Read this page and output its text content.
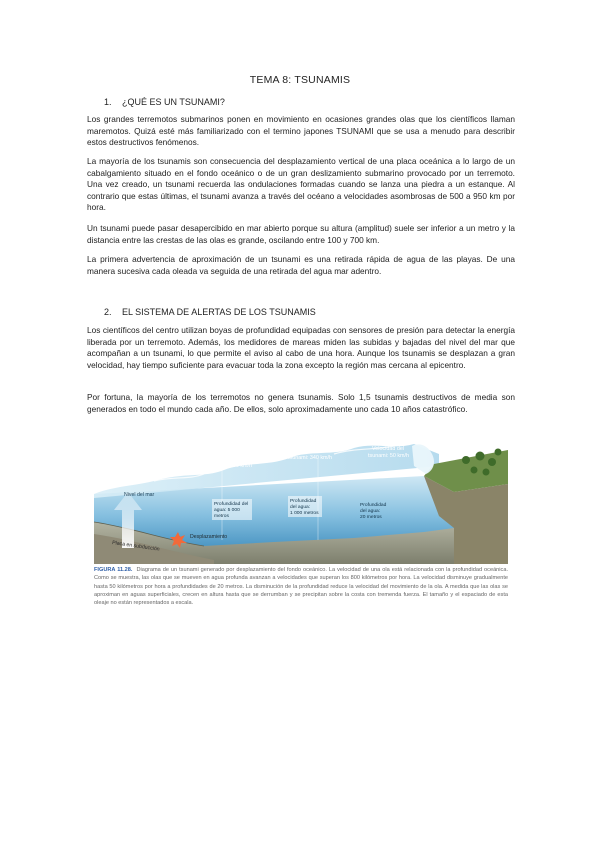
TEMA 8: TSUNAMIS
1. ¿QUÉ ES UN TSUNAMI?

Los grandes terremotos submarinos ponen en movimiento en ocasiones grandes olas que los científicos llaman maremotos. Quizá esté más familiarizado con el termino japones TSUNAMI que se usa a menudo para describir estos destructivos fenómenos.

La mayoría de los tsunamis son consecuencia del desplazamiento vertical de una placa oceánica a lo largo de un cabalgamiento situado en el fondo oceánico o de un gran deslizamiento submarino provocado por un terremoto. Una vez creado, un tsunami recuerda las ondulaciones formadas cuando se lanza una piedra a un estanque. Al contrario que estas últimas, el tsunami avanza a través del océano a velocidades asombrosas de 500 a 950 km por hora.

Un tsunami puede pasar desapercibido en mar abierto porque su altura (amplitud) suele ser inferior a un metro y la distancia entre las crestas de las olas es grande, oscilando entre 100 y 700 km.

La primera advertencia de aproximación de un tsunami es una retirada rápida de agua de las playas. De una manera sucesiva cada oleada va seguida de una retirada del agua mar adentro.

2. EL SISTEMA DE ALERTAS DE LOS TSUNAMIS

Los científicos del centro utilizan boyas de profundidad equipadas con sensores de presión para detectar la energía liberada por un terremoto. Además, los medidores de mareas miden las subidas y bajadas del nivel del mar que acompañan a un tsunami, lo que permite el aviso al cabo de una hora. Aunque los tsunamis se desplazan a gran velocidad, hay tiempo suficiente para evacuar toda la zona excepto la región mas cercana al epicentro.

Por fortuna, la mayoría de los terremotos no genera tsunamis. Solo 1,5 tsunamis destructivos de media son generados en todo el mundo cada año. De ellos, solo aproximadamente uno cada 10 años catastrófico.

Velocidad del
tsunami: 800 km/h
Velocidad del
tsunami: 340 km/h
Velocidad del
tsunami: 50 km/h
Nivel del mar
Profundidad del
agua: 5 000
metros
Profundidad
del agua:
1 000 metros
Profundidad
del agua:
20 metros
Desplazamiento
Placa en subducción
FIGURA 11.28. Diagrama de un tsunami generado por desplazamiento del fondo oceánico. La velocidad de una ola está relacionada con la profundidad oceánica. Como se muestra, las olas que se mueven en agua profunda avanzan a velocidades que superan los 800 kilómetros por hora. La velocidad disminuye gradualmente hasta 50 kilómetros por hora a profundidades de 20 metros. La disminución de la profundidad reduce la velocidad del movimiento de la ola. A medida que las olas se aproximan en aguas superficiales, crecen en altura hasta que se derrumban y se precipitan sobre la costa con tremenda fuerza. El tamaño y el espaciado de esta oleaje no están representados a escala.
